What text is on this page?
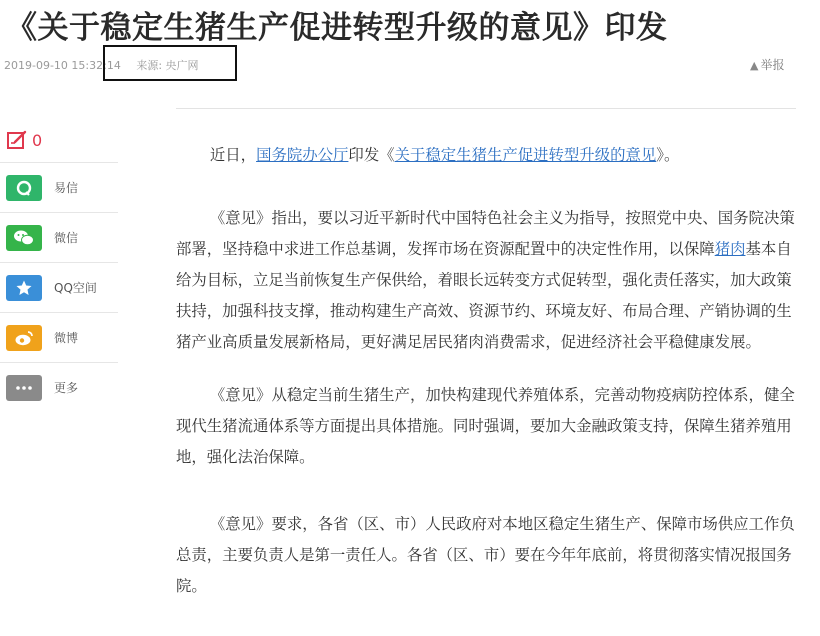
《关于稳定生猪生产促进转型升级的意见》印发
2019-09-10 15:32:14 来源: 央广网	▲ 举报
0
易信
微信
QQ空间
微博
更多

近日，国务院办公厅印发《关于稳定生猪生产促进转型升级的意见》。

《意见》指出，要以习近平新时代中国特色社会主义为指导，按照党中央、国务院决策部署，坚持稳中求进工作总基调，发挥市场在资源配置中的决定性作用，以保障猪肉基本自给为目标，立足当前恢复生产保供给，着眼长远转变方式促转型，强化责任落实，加大政策扶持，加强科技支撑，推动构建生产高效、资源节约、环境友好、布局合理、产销协调的生猪产业高质量发展新格局，更好满足居民猪肉消费需求，促进经济社会平稳健康发展。

《意见》从稳定当前生猪生产，加快构建现代养殖体系，完善动物疫病防控体系，健全现代生猪流通体系等方面提出具体措施。同时强调，要加大金融政策支持，保障生猪养殖用地，强化法治保障。

《意见》要求，各省（区、市）人民政府对本地区稳定生猪生产、保障市场供应工作负总责，主要负责人是第一责任人。各省（区、市）要在今年年底前，将贯彻落实情况报国务院。
